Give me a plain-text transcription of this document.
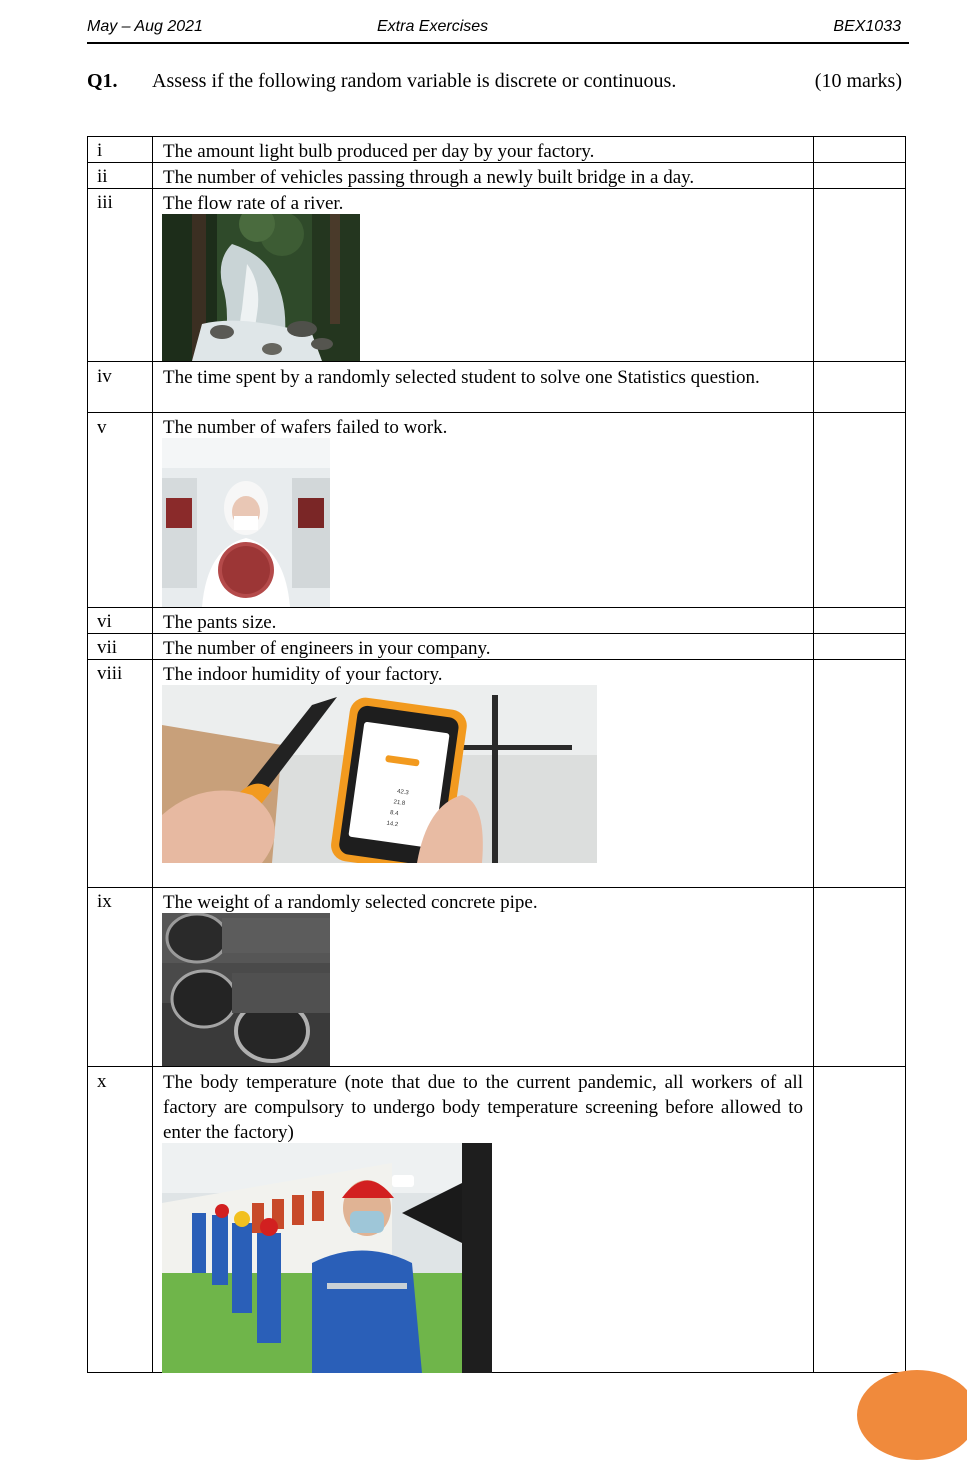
May – Aug 2021	Extra Exercises	BEX1033
Q1. Assess if the following random variable is discrete or continuous.	(10 marks)
i	The amount light bulb produced per day by your factory.
ii	The number of vehicles passing through a newly built bridge in a day.
iii	The flow rate of a river.
iv	The time spent by a randomly selected student to solve one Statistics question.
v	The number of wafers failed to work.
vi	The pants size.
vii The number of engineers in your company.
viii The indoor humidity of your factory.
42.3
21.8
8.4
14.2
ix	The weight of a randomly selected concrete pipe.
x	The body temperature (note that due to the current pandemic, all workers of all factory are compulsory to undergo body temperature screening before allowed to enter the factory)
